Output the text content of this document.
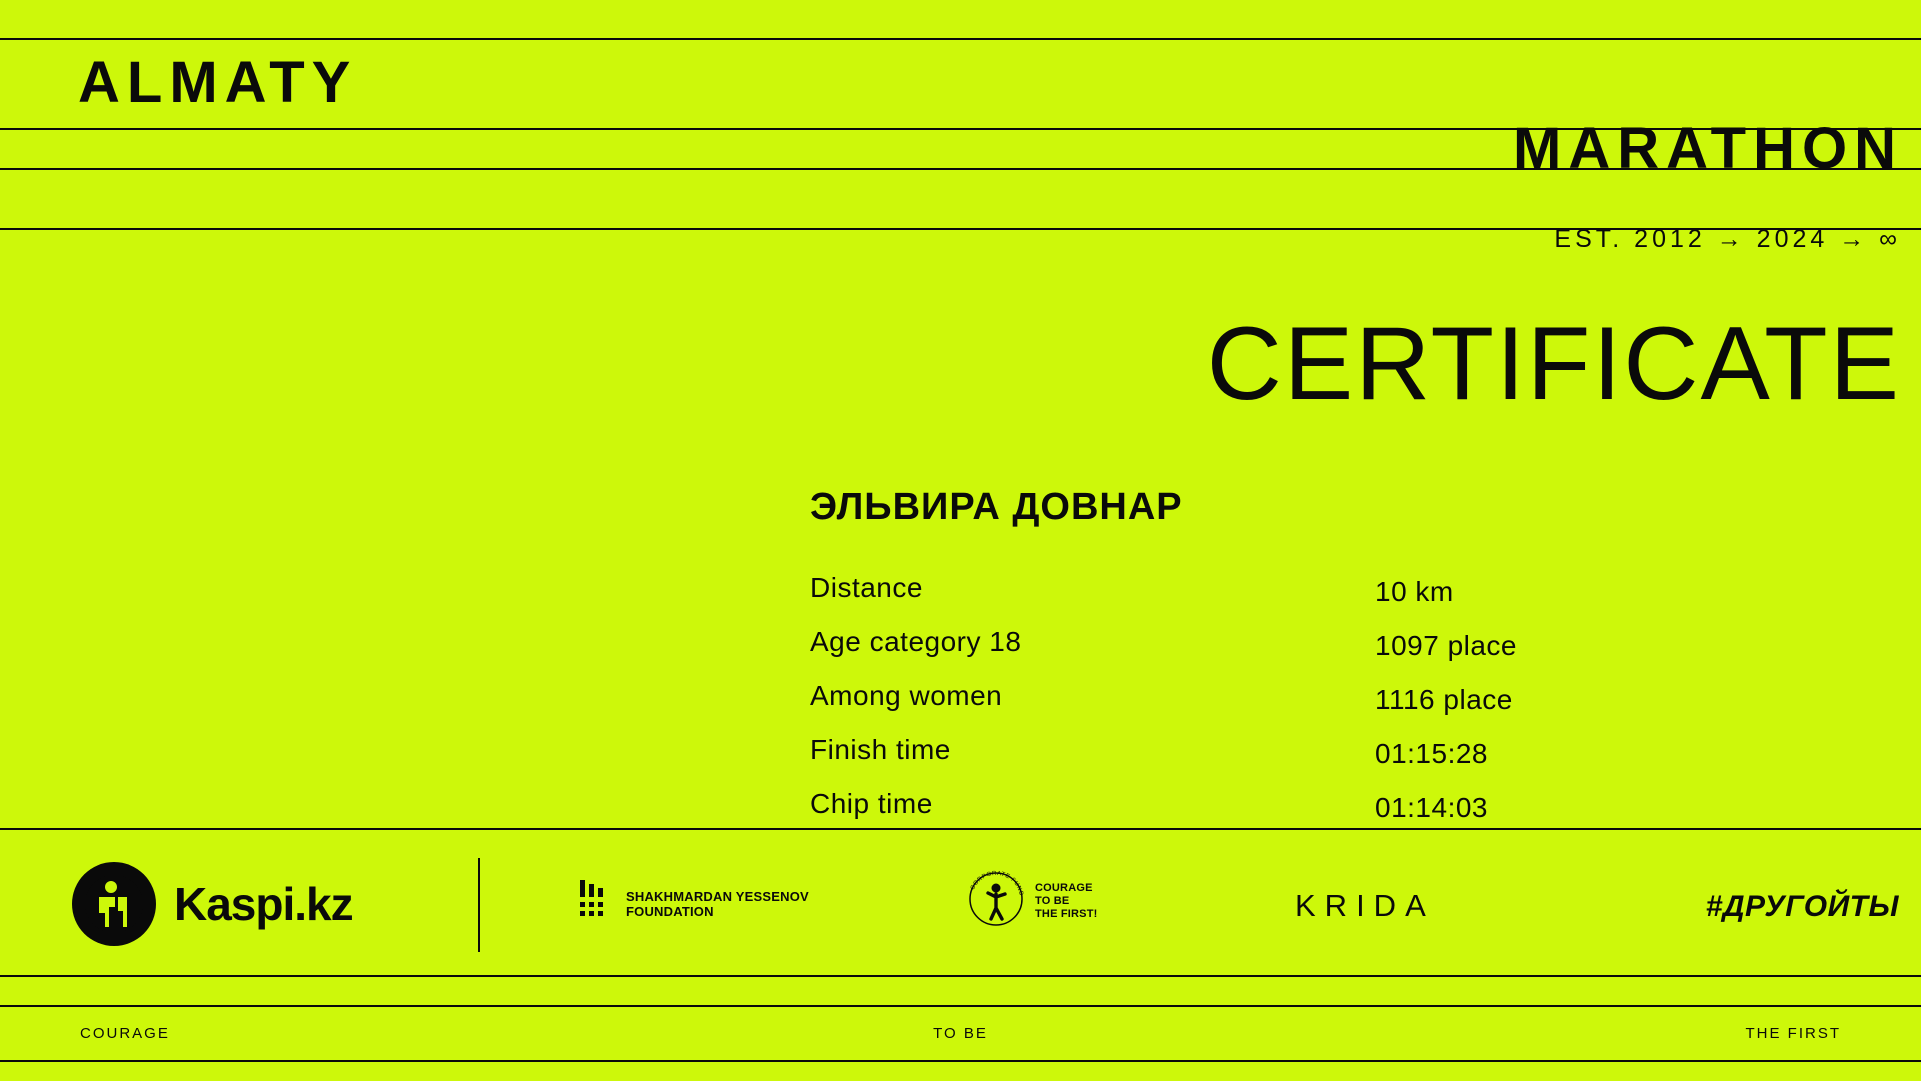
ALMATY
MARATHON
EST. 2012 → 2024 → ∞
CERTIFICATE
ЭЛЬВИРА ДОВНАР
Distance	10 km
Age category 18	1097 place
Among women	1116 place
Finish time	01:15:28
Chip time	01:14:03
Kaspi.kz	SHAKHMARDAN YESSENOV
FOUNDATION
CORPORATE FUND COURAGE
TO BE
THE FIRST!	KRIDA	#ДРУГОЙТЫ
COURAGE	TO BE	THE FIRST
